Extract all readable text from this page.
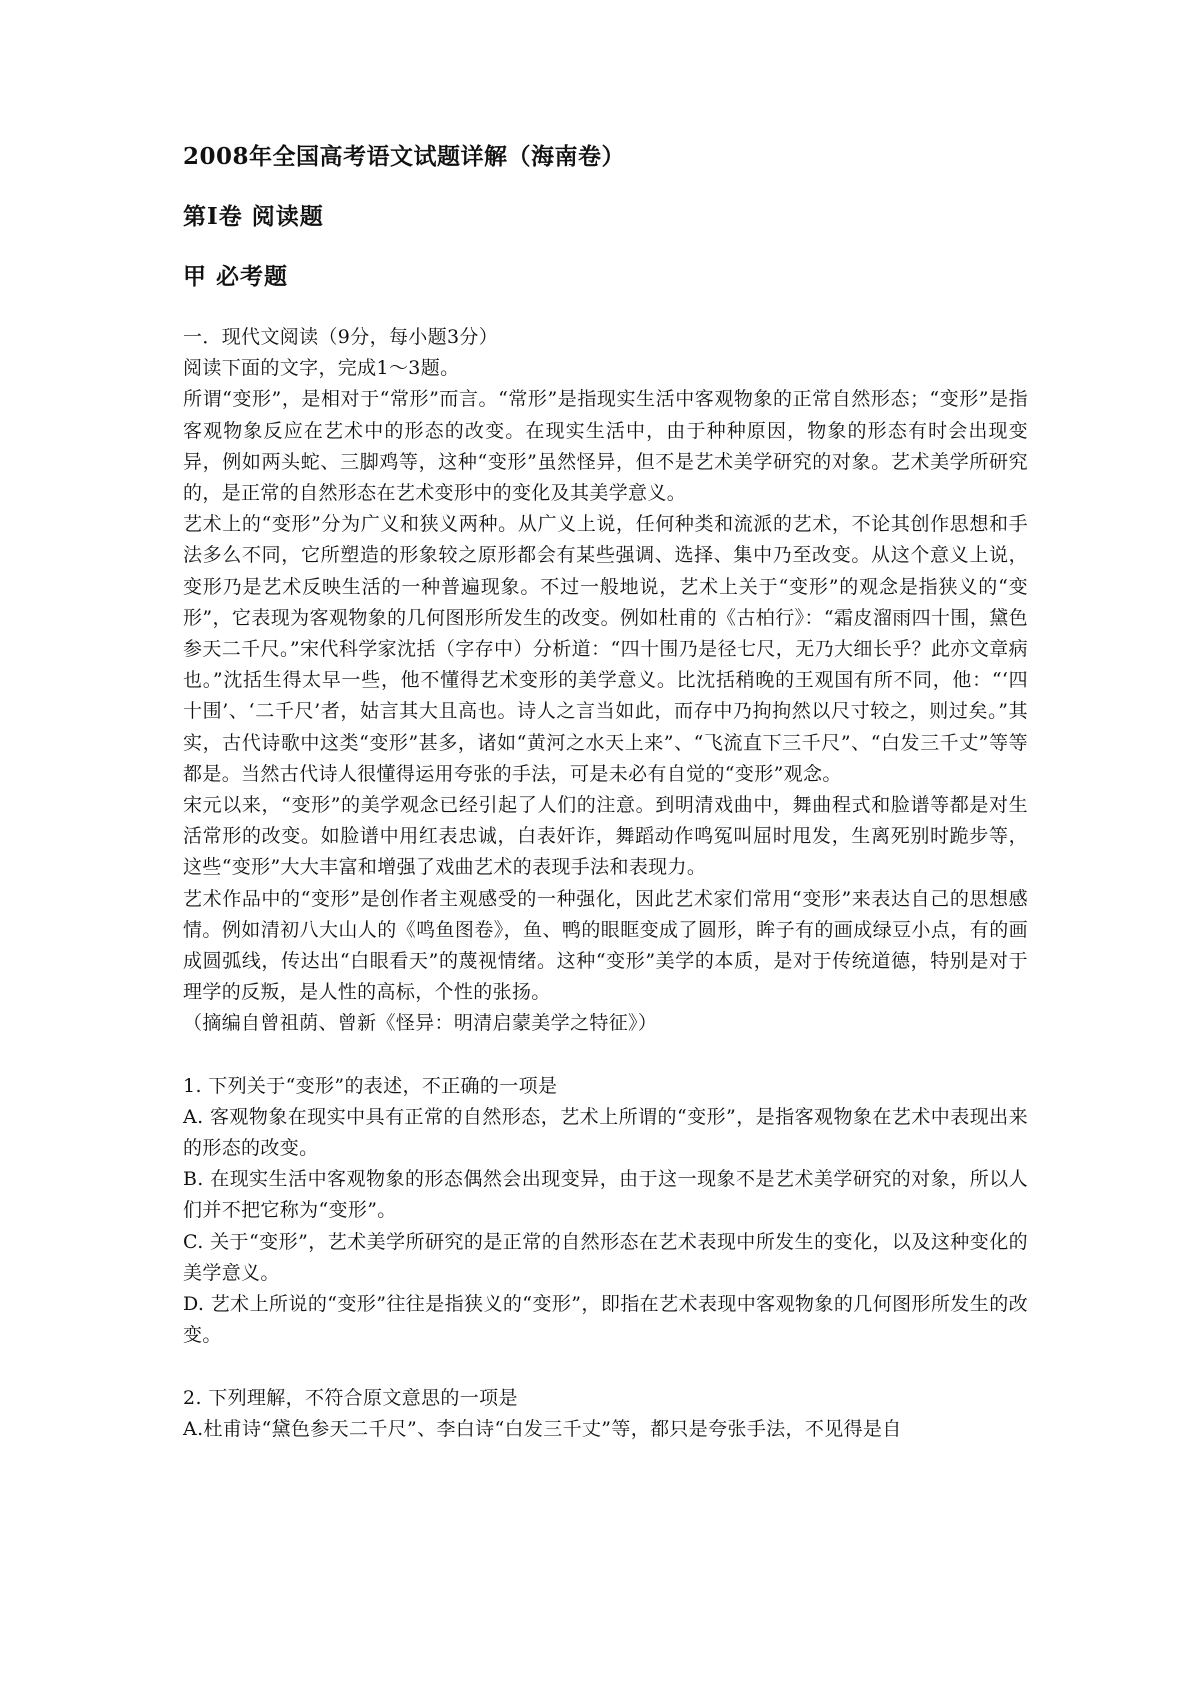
2008年全国高考语文试题详解（海南卷）
第Ⅰ卷 阅读题
甲 必考题

一．现代文阅读（9分，每小题3分）

阅读下面的文字，完成1～3题。

所谓“变形”，是相对于“常形”而言。“常形”是指现实生活中客观物象的正常自然形态；“变形”是指客观物象反应在艺术中的形态的改变。在现实生活中，由于种种原因，物象的形态有时会出现变异，例如两头蛇、三脚鸡等，这种“变形”虽然怪异，但不是艺术美学研究的对象。艺术美学所研究的，是正常的自然形态在艺术变形中的变化及其美学意义。

艺术上的“变形”分为广义和狭义两种。从广义上说，任何种类和流派的艺术，不论其创作思想和手法多么不同，它所塑造的形象较之原形都会有某些强调、选择、集中乃至改变。从这个意义上说，变形乃是艺术反映生活的一种普遍现象。不过一般地说，艺术上关于“变形”的观念是指狭义的“变形”，它表现为客观物象的几何图形所发生的改变。例如杜甫的《古柏行》：“霜皮溜雨四十围，黛色参天二千尺。”宋代科学家沈括（字存中）分析道：“四十围乃是径七尺，无乃大细长乎？此亦文章病也。”沈括生得太早一些，他不懂得艺术变形的美学意义。比沈括稍晚的王观国有所不同，他：“‘四十围’、‘二千尺’者，姑言其大且高也。诗人之言当如此，而存中乃拘拘然以尺寸较之，则过矣。”其实，古代诗歌中这类“变形”甚多，诸如“黄河之水天上来”、“飞流直下三千尺”、“白发三千丈”等等都是。当然古代诗人很懂得运用夸张的手法，可是未必有自觉的“变形”观念。

宋元以来，“变形”的美学观念已经引起了人们的注意。到明清戏曲中，舞曲程式和脸谱等都是对生活常形的改变。如脸谱中用红表忠诚，白表奸诈，舞蹈动作鸣冤叫屈时甩发，生离死别时跪步等，这些“变形”大大丰富和增强了戏曲艺术的表现手法和表现力。

艺术作品中的“变形”是创作者主观感受的一种强化，因此艺术家们常用“变形”来表达自己的思想感情。例如清初八大山人的《鸣鱼图卷》，鱼、鸭的眼眶变成了圆形，眸子有的画成绿豆小点，有的画成圆弧线，传达出“白眼看天”的蔑视情绪。这种“变形”美学的本质，是对于传统道德，特别是对于理学的反叛，是人性的高标，个性的张扬。

（摘编自曾祖荫、曾新《怪异：明清启蒙美学之特征》）

1. 下列关于“变形”的表述，不正确的一项是

A. 客观物象在现实中具有正常的自然形态，艺术上所谓的“变形”，是指客观物象在艺术中表现出来的形态的改变。

B. 在现实生活中客观物象的形态偶然会出现变异，由于这一现象不是艺术美学研究的对象，所以人们并不把它称为“变形”。

C. 关于“变形”，艺术美学所研究的是正常的自然形态在艺术表现中所发生的变化，以及这种变化的美学意义。

D. 艺术上所说的“变形”往往是指狭义的“变形”，即指在艺术表现中客观物象的几何图形所发生的改变。

2. 下列理解，不符合原文意思的一项是

A.杜甫诗“黛色参天二千尺”、李白诗“白发三千丈”等，都只是夸张手法，不见得是自
